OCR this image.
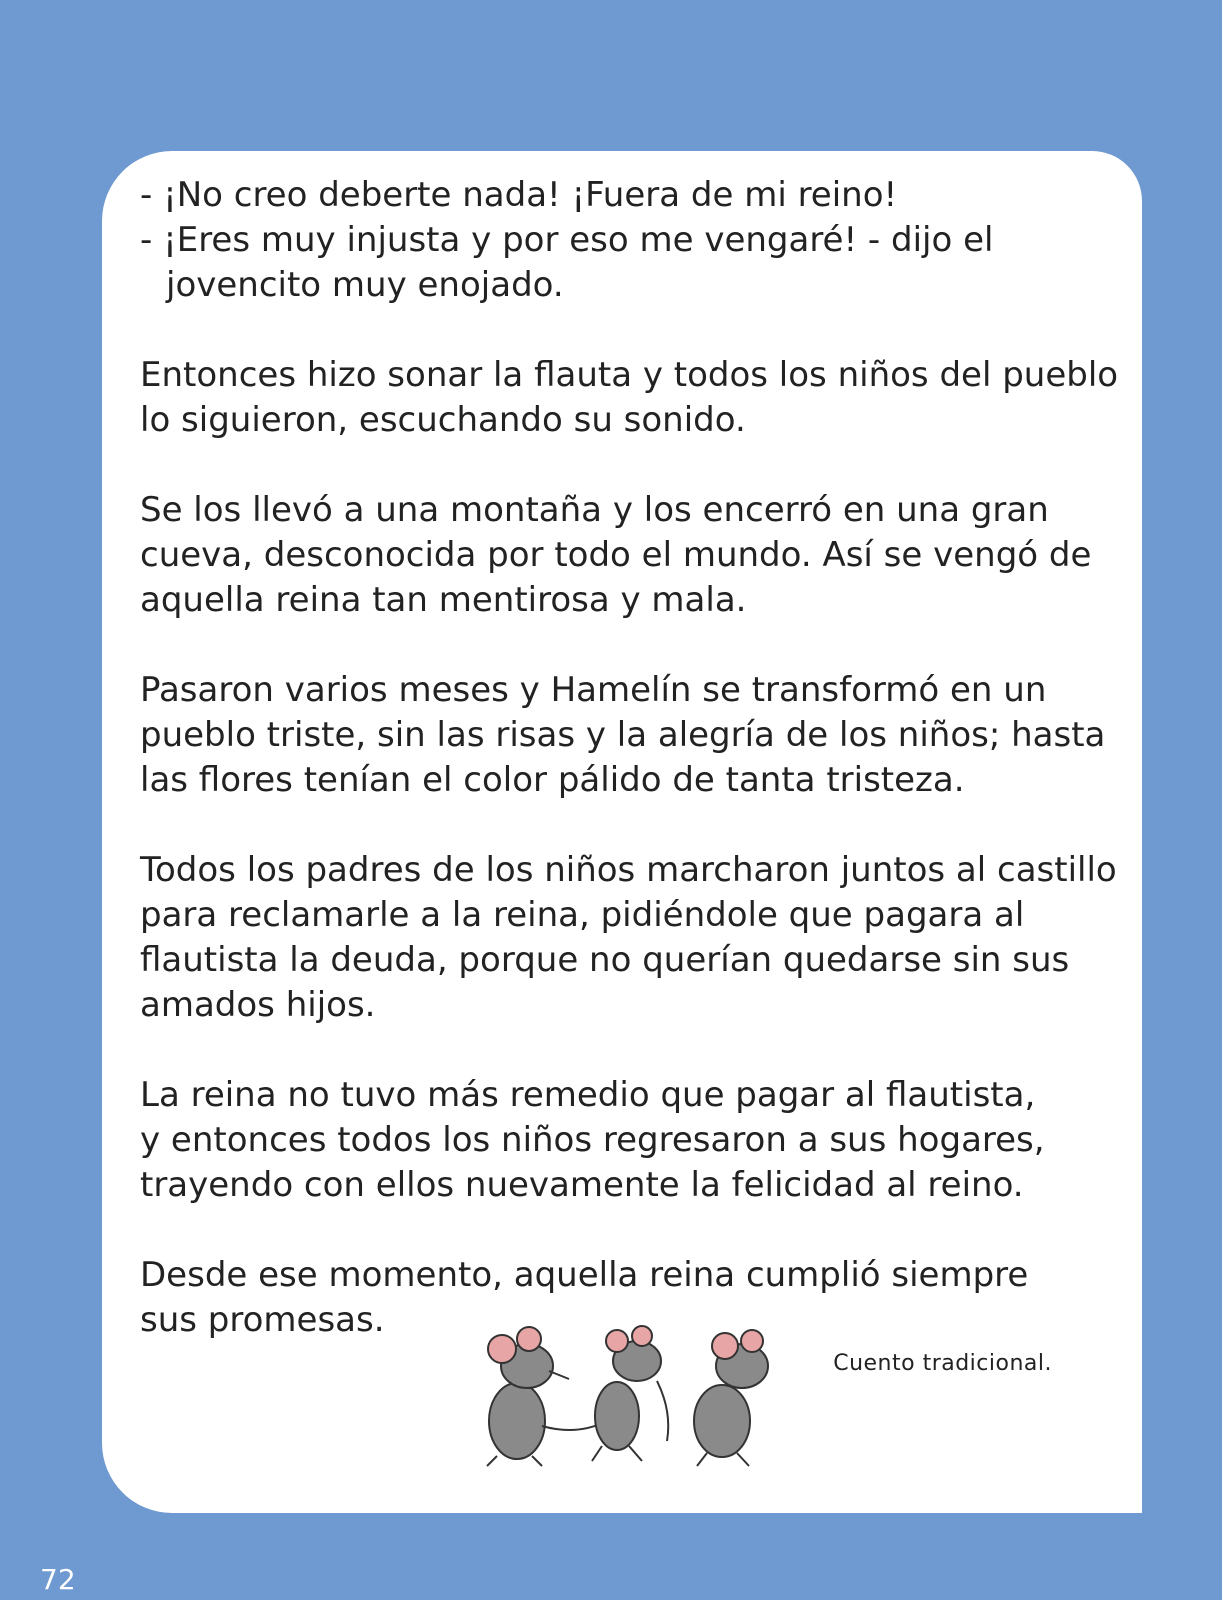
- ¡No creo deberte nada! ¡Fuera de mi reino!
- ¡Eres muy injusta y por eso me vengaré! - dijo el
jovencito muy enojado.
Entonces hizo sonar la flauta y todos los niños del pueblo
lo siguieron, escuchando su sonido.
Se los llevó a una montaña y los encerró en una gran
cueva, desconocida por todo el mundo. Así se vengó de
aquella reina tan mentirosa y mala.
Pasaron varios meses y Hamelín se transformó en un
pueblo triste, sin las risas y la alegría de los niños; hasta
las flores tenían el color pálido de tanta tristeza.
Todos los padres de los niños marcharon juntos al castillo
para reclamarle a la reina, pidiéndole que pagara al
flautista la deuda, porque no querían quedarse sin sus
amados hijos.
La reina no tuvo más remedio que pagar al flautista,
y entonces todos los niños regresaron a sus hogares,
trayendo con ellos nuevamente la felicidad al reino.
Desde ese momento, aquella reina cumplió siempre
sus promesas.
Cuento tradicional.
72
